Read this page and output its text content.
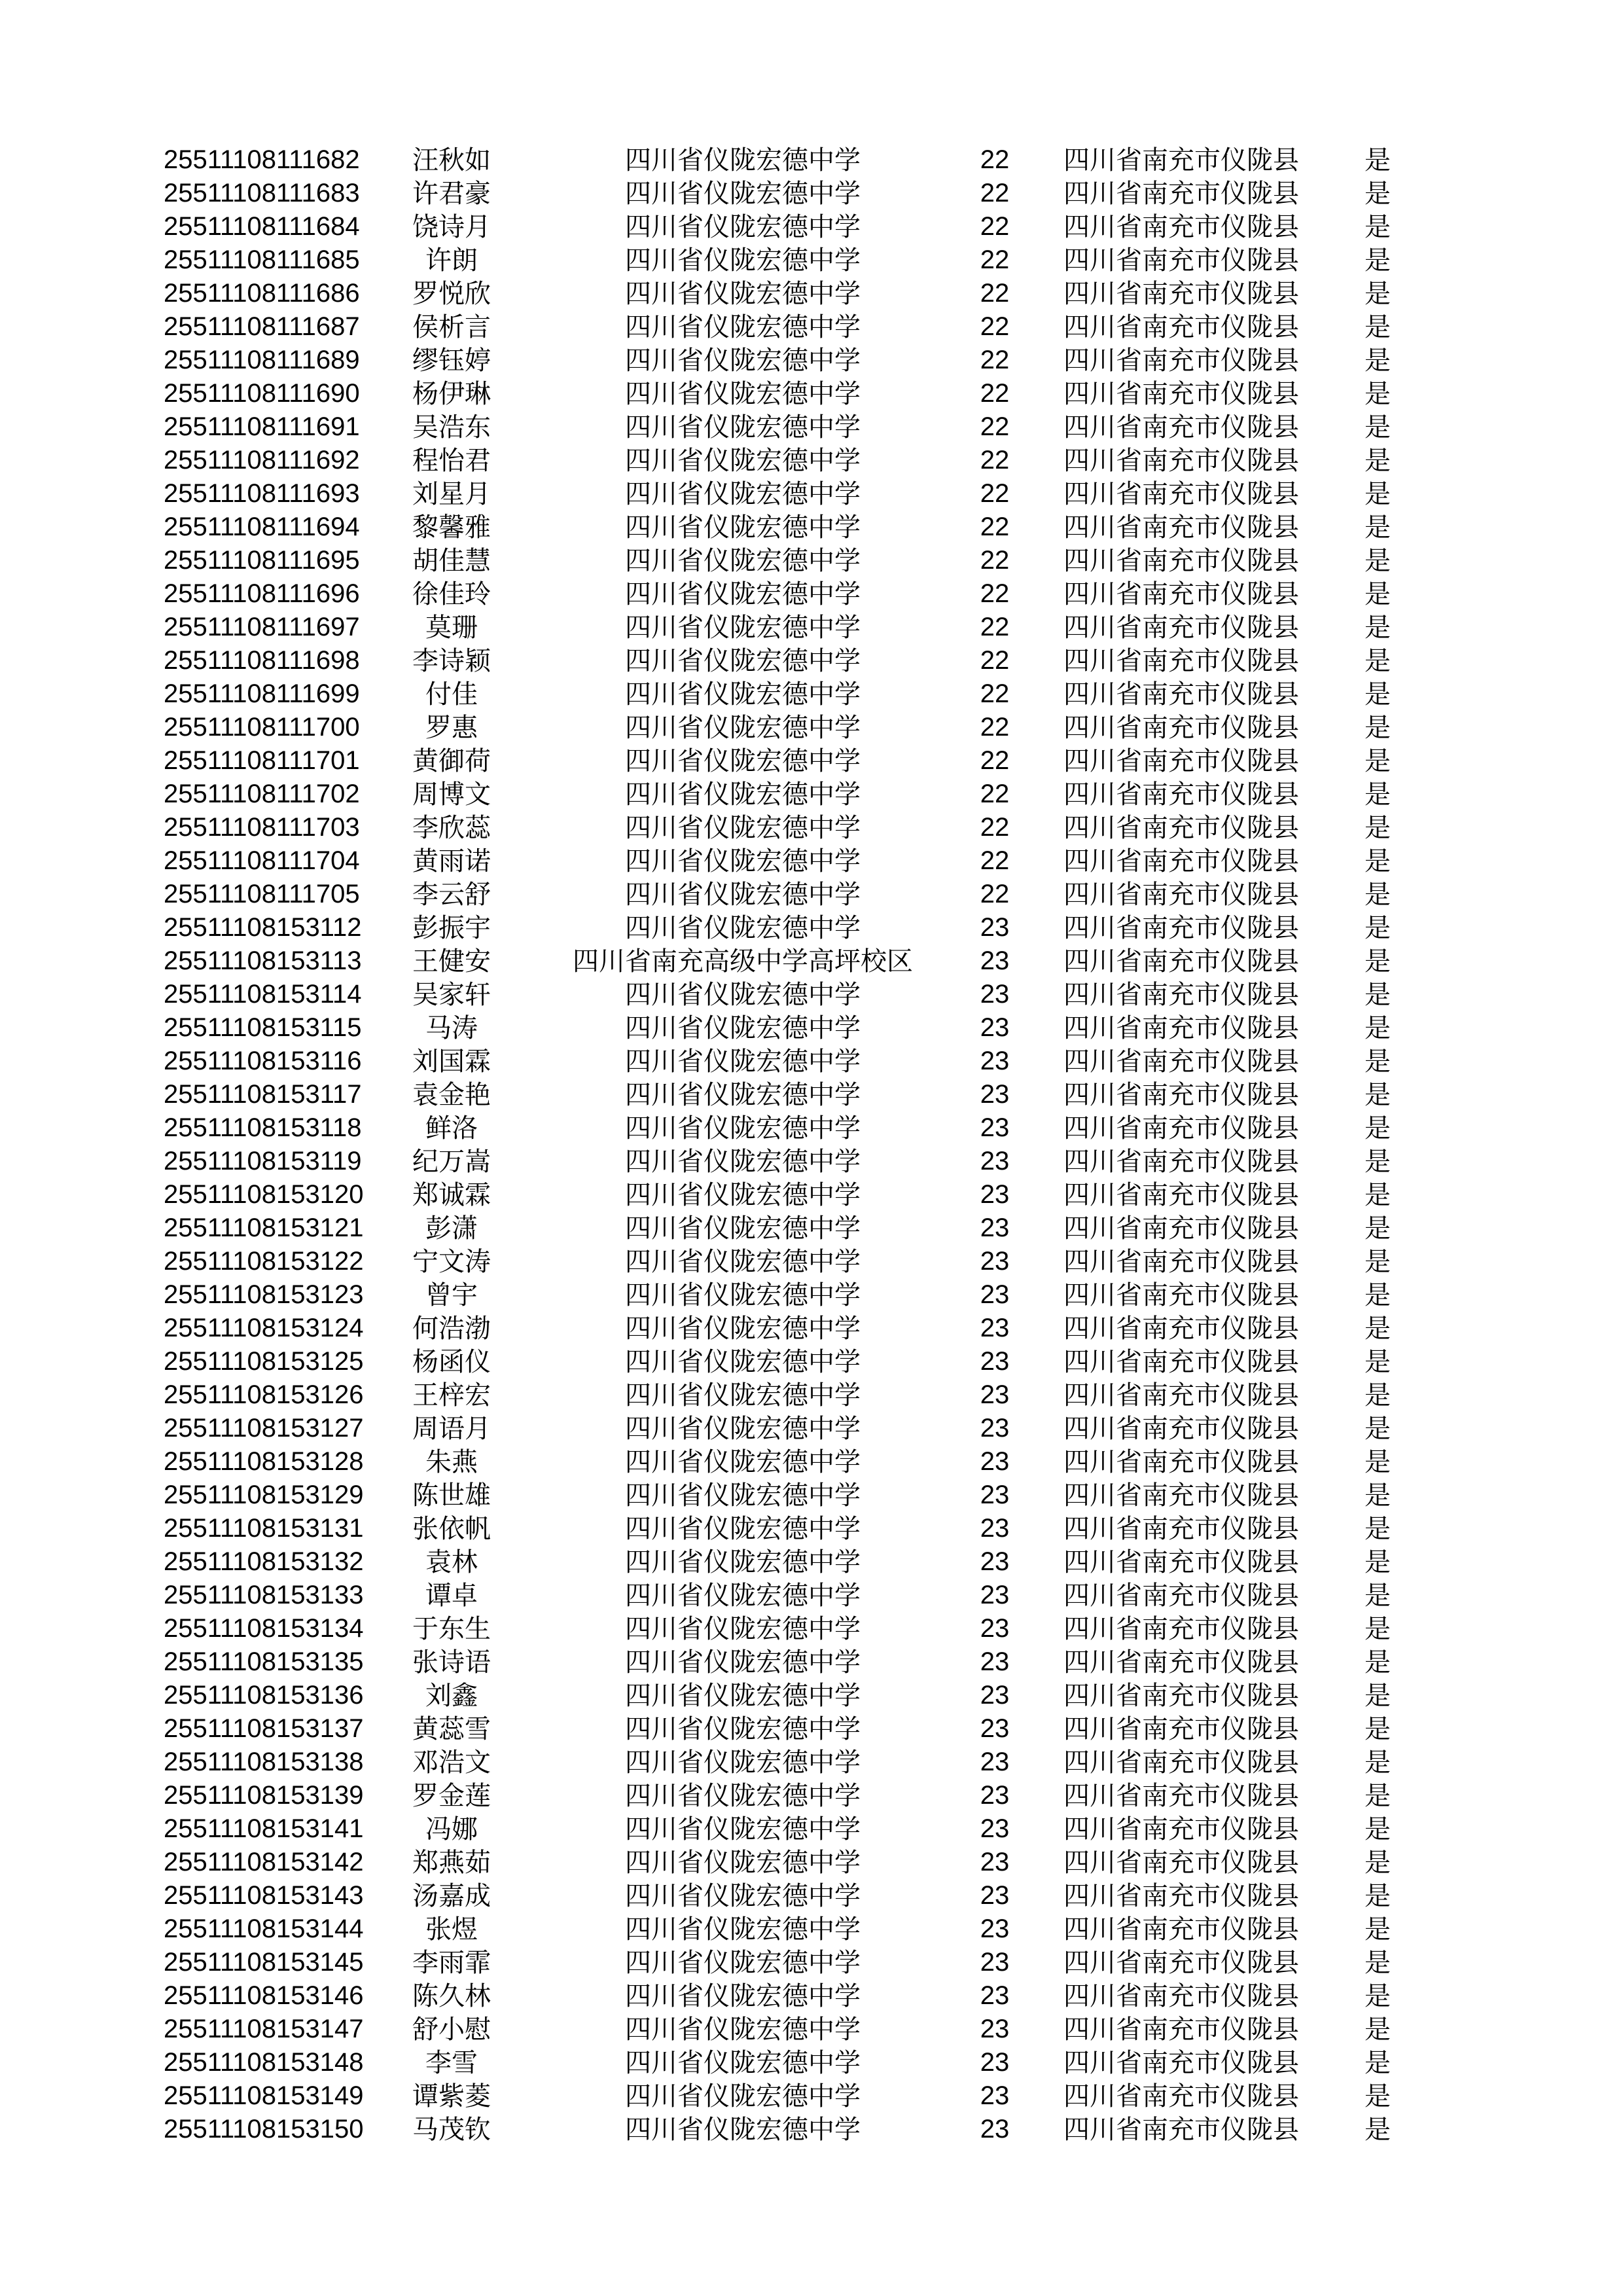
25511108111682	汪秋如	四川省仪陇宏德中学	22	四川省南充市仪陇县	是
25511108111683	许君豪	四川省仪陇宏德中学	22	四川省南充市仪陇县	是
25511108111684	饶诗月	四川省仪陇宏德中学	22	四川省南充市仪陇县	是
25511108111685	许朗	四川省仪陇宏德中学	22	四川省南充市仪陇县	是
25511108111686	罗悦欣	四川省仪陇宏德中学	22	四川省南充市仪陇县	是
25511108111687	侯析言	四川省仪陇宏德中学	22	四川省南充市仪陇县	是
25511108111689	缪钰婷	四川省仪陇宏德中学	22	四川省南充市仪陇县	是
25511108111690	杨伊琳	四川省仪陇宏德中学	22	四川省南充市仪陇县	是
25511108111691	吴浩东	四川省仪陇宏德中学	22	四川省南充市仪陇县	是
25511108111692	程怡君	四川省仪陇宏德中学	22	四川省南充市仪陇县	是
25511108111693	刘星月	四川省仪陇宏德中学	22	四川省南充市仪陇县	是
25511108111694	黎馨雅	四川省仪陇宏德中学	22	四川省南充市仪陇县	是
25511108111695	胡佳慧	四川省仪陇宏德中学	22	四川省南充市仪陇县	是
25511108111696	徐佳玲	四川省仪陇宏德中学	22	四川省南充市仪陇县	是
25511108111697	莫珊	四川省仪陇宏德中学	22	四川省南充市仪陇县	是
25511108111698	李诗颖	四川省仪陇宏德中学	22	四川省南充市仪陇县	是
25511108111699	付佳	四川省仪陇宏德中学	22	四川省南充市仪陇县	是
25511108111700	罗惠	四川省仪陇宏德中学	22	四川省南充市仪陇县	是
25511108111701	黄御荷	四川省仪陇宏德中学	22	四川省南充市仪陇县	是
25511108111702	周博文	四川省仪陇宏德中学	22	四川省南充市仪陇县	是
25511108111703	李欣蕊	四川省仪陇宏德中学	22	四川省南充市仪陇县	是
25511108111704	黄雨诺	四川省仪陇宏德中学	22	四川省南充市仪陇县	是
25511108111705	李云舒	四川省仪陇宏德中学	22	四川省南充市仪陇县	是
25511108153112	彭振宇	四川省仪陇宏德中学	23	四川省南充市仪陇县	是
25511108153113	王健安	四川省南充高级中学高坪校区	23	四川省南充市仪陇县	是
25511108153114	吴家轩	四川省仪陇宏德中学	23	四川省南充市仪陇县	是
25511108153115	马涛	四川省仪陇宏德中学	23	四川省南充市仪陇县	是
25511108153116	刘国霖	四川省仪陇宏德中学	23	四川省南充市仪陇县	是
25511108153117	袁金艳	四川省仪陇宏德中学	23	四川省南充市仪陇县	是
25511108153118	鲜洛	四川省仪陇宏德中学	23	四川省南充市仪陇县	是
25511108153119	纪万嵩	四川省仪陇宏德中学	23	四川省南充市仪陇县	是
25511108153120	郑诚霖	四川省仪陇宏德中学	23	四川省南充市仪陇县	是
25511108153121	彭潇	四川省仪陇宏德中学	23	四川省南充市仪陇县	是
25511108153122	宁文涛	四川省仪陇宏德中学	23	四川省南充市仪陇县	是
25511108153123	曾宇	四川省仪陇宏德中学	23	四川省南充市仪陇县	是
25511108153124	何浩渤	四川省仪陇宏德中学	23	四川省南充市仪陇县	是
25511108153125	杨函仪	四川省仪陇宏德中学	23	四川省南充市仪陇县	是
25511108153126	王梓宏	四川省仪陇宏德中学	23	四川省南充市仪陇县	是
25511108153127	周语月	四川省仪陇宏德中学	23	四川省南充市仪陇县	是
25511108153128	朱燕	四川省仪陇宏德中学	23	四川省南充市仪陇县	是
25511108153129	陈世雄	四川省仪陇宏德中学	23	四川省南充市仪陇县	是
25511108153131	张依帆	四川省仪陇宏德中学	23	四川省南充市仪陇县	是
25511108153132	袁林	四川省仪陇宏德中学	23	四川省南充市仪陇县	是
25511108153133	谭卓	四川省仪陇宏德中学	23	四川省南充市仪陇县	是
25511108153134	于东生	四川省仪陇宏德中学	23	四川省南充市仪陇县	是
25511108153135	张诗语	四川省仪陇宏德中学	23	四川省南充市仪陇县	是
25511108153136	刘鑫	四川省仪陇宏德中学	23	四川省南充市仪陇县	是
25511108153137	黄蕊雪	四川省仪陇宏德中学	23	四川省南充市仪陇县	是
25511108153138	邓浩文	四川省仪陇宏德中学	23	四川省南充市仪陇县	是
25511108153139	罗金莲	四川省仪陇宏德中学	23	四川省南充市仪陇县	是
25511108153141	冯娜	四川省仪陇宏德中学	23	四川省南充市仪陇县	是
25511108153142	郑燕茹	四川省仪陇宏德中学	23	四川省南充市仪陇县	是
25511108153143	汤嘉成	四川省仪陇宏德中学	23	四川省南充市仪陇县	是
25511108153144	张煜	四川省仪陇宏德中学	23	四川省南充市仪陇县	是
25511108153145	李雨霏	四川省仪陇宏德中学	23	四川省南充市仪陇县	是
25511108153146	陈久林	四川省仪陇宏德中学	23	四川省南充市仪陇县	是
25511108153147	舒小慰	四川省仪陇宏德中学	23	四川省南充市仪陇县	是
25511108153148	李雪	四川省仪陇宏德中学	23	四川省南充市仪陇县	是
25511108153149	谭紫菱	四川省仪陇宏德中学	23	四川省南充市仪陇县	是
25511108153150	马茂钦	四川省仪陇宏德中学	23	四川省南充市仪陇县	是
